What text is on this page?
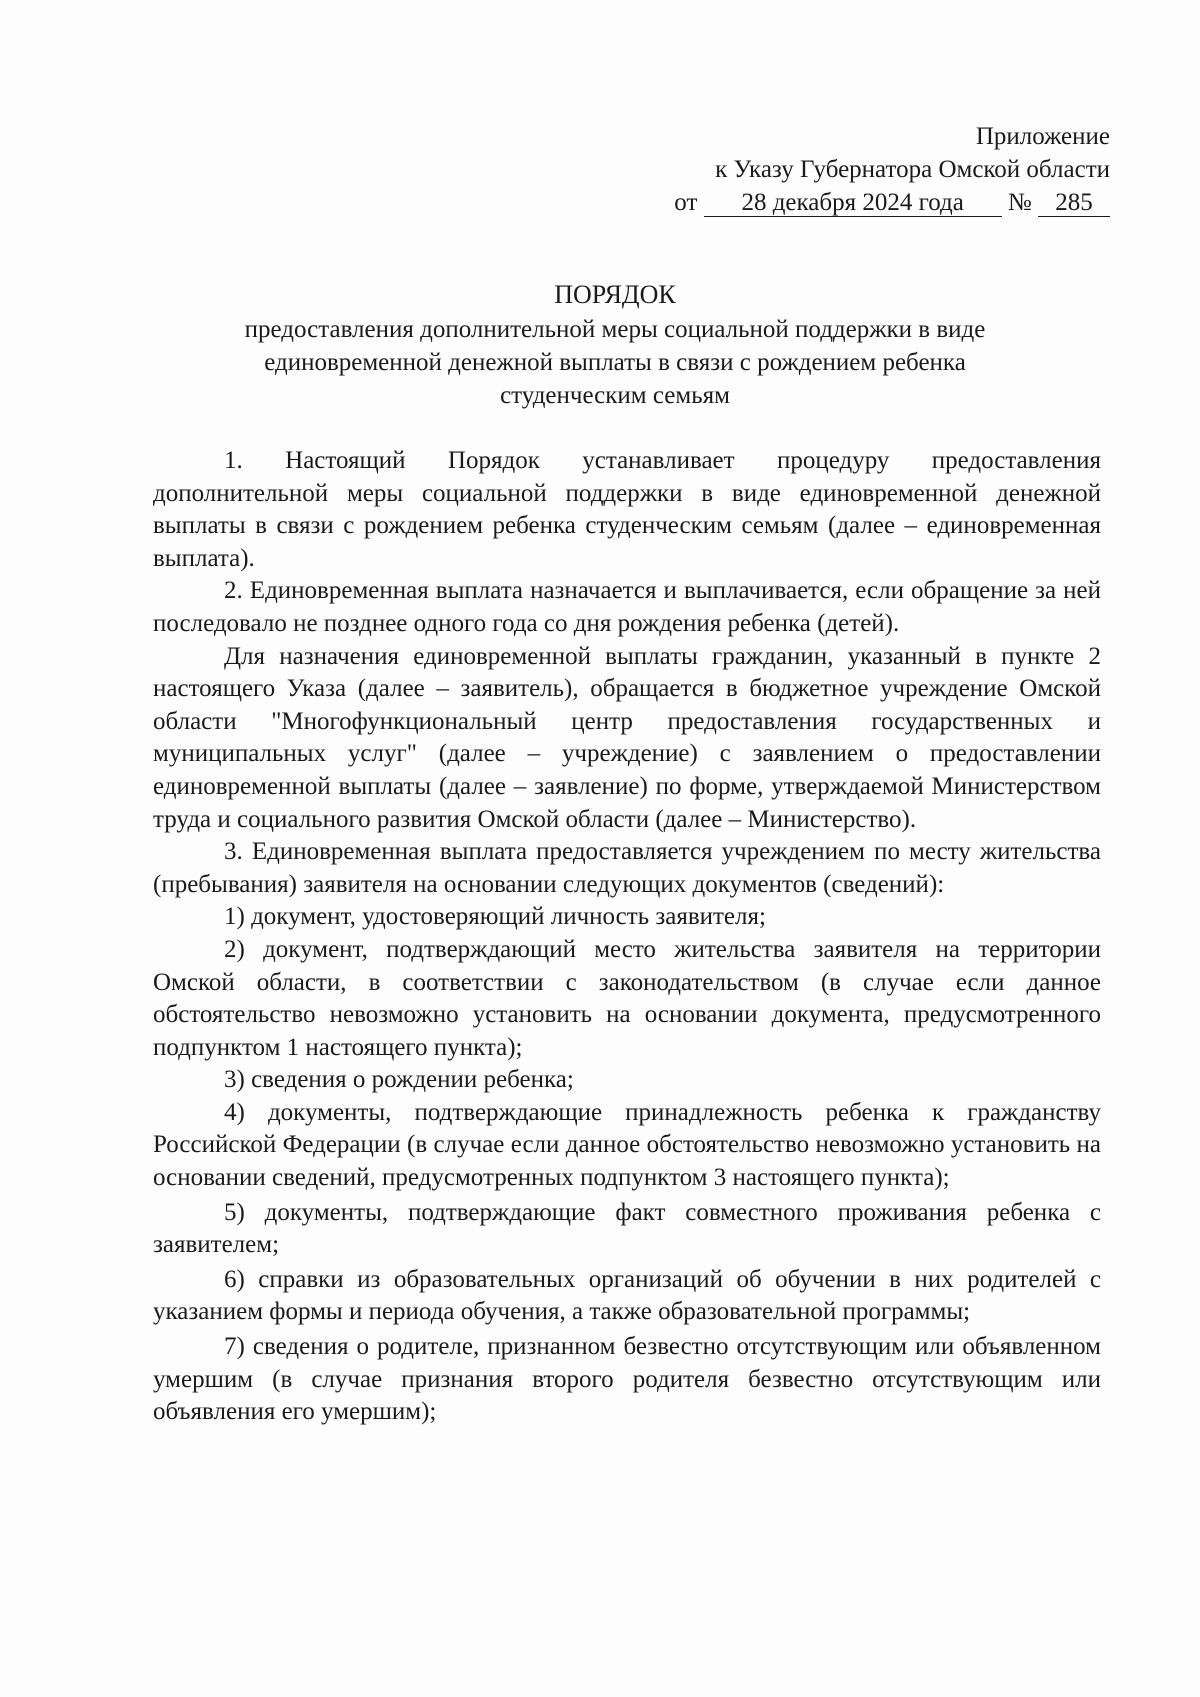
Приложение
к Указу Губернатора Омской области
от 28 декабря 2024 года № 285
ПОРЯДОК
предоставления дополнительной меры социальной поддержки в виде
единовременной денежной выплаты в связи с рождением ребенка
студенческим семьям

1. Настоящий Порядок устанавливает процедуру предоставления дополнительной меры социальной поддержки в виде единовременной денежной выплаты в связи с рождением ребенка студенческим семьям (далее – единовременная выплата).

2. Единовременная выплата назначается и выплачивается, если обращение за ней последовало не позднее одного года со дня рождения ребенка (детей).

Для назначения единовременной выплаты гражданин, указанный в пункте 2 настоящего Указа (далее – заявитель), обращается в бюджетное учреждение Омской области "Многофункциональный центр предоставления государственных и муниципальных услуг" (далее – учреждение) с заявлением о предоставлении единовременной выплаты (далее – заявление) по форме, утверждаемой Министерством труда и социального развития Омской области (далее – Министерство).

3. Единовременная выплата предоставляется учреждением по месту жительства (пребывания) заявителя на основании следующих документов (сведений):

1) документ, удостоверяющий личность заявителя;

2) документ, подтверждающий место жительства заявителя на территории Омской области, в соответствии с законодательством (в случае если данное обстоятельство невозможно установить на основании документа, предусмотренного подпунктом 1 настоящего пункта);

3) сведения о рождении ребенка;

4) документы, подтверждающие принадлежность ребенка к гражданству Российской Федерации (в случае если данное обстоятельство невозможно установить на основании сведений, предусмотренных подпунктом 3 настоящего пункта);

5) документы, подтверждающие факт совместного проживания ребенка с заявителем;

6) справки из образовательных организаций об обучении в них родителей с указанием формы и периода обучения, а также образовательной программы;

7) сведения о родителе, признанном безвестно отсутствующим или объявленном умершим (в случае признания второго родителя безвестно отсутствующим или объявления его умершим);
